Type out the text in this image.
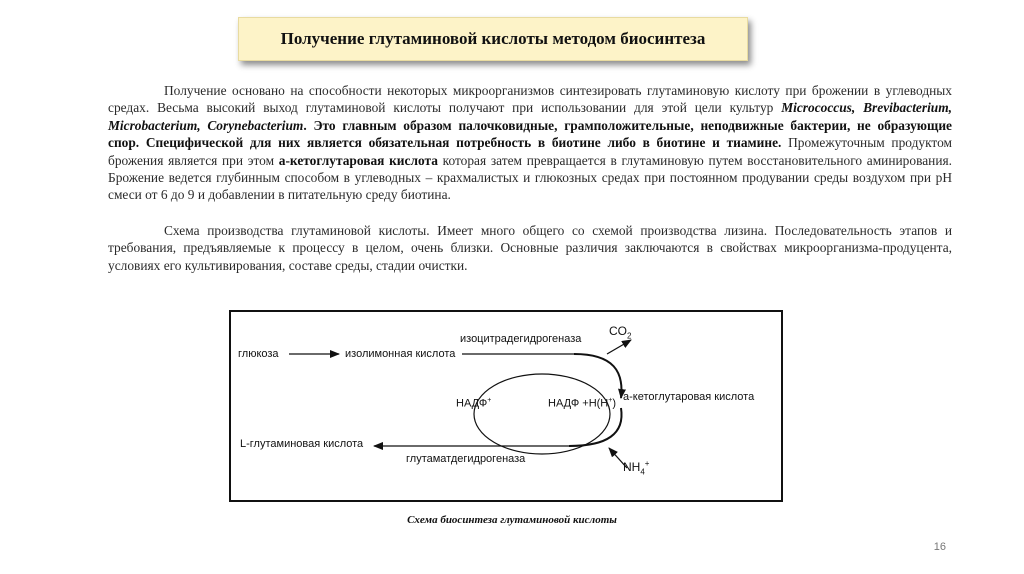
Получение глутаминовой кислоты методом биосинтеза
Получение основано на способности некоторых микроорганизмов синтезировать глутаминовую кислоту при брожении в углеводных средах. Весьма высокий выход глутаминовой кислоты получают при использовании для этой цели культур Micrococcus, Brevibacterium, Microbacterium, Corynebacterium. Это главным образом палочковидные, грамположительные, неподвижные бактерии, не образующие спор. Специфической для них является обязательная потребность в биотине либо в биотине и тиамине. Промежуточным продуктом брожения является при этом а-кетоглутаровая кислота которая затем превращается в глутаминовую путем восстановительного аминирования. Брожение ведется глубинным способом в углеводных – крахмалистых и глюкозных средах при постоянном продувании среды воздухом при pH смеси от 6 до 9 и добавлении в питательную среду биотина.
Схема производства глутаминовой кислоты. Имеет много общего со схемой производства лизина. Последовательность этапов и требования, предъявляемые к процессу в целом, очень близки. Основные различия заключаются в свойствах микроорганизма-продуцента, условиях его культивирования, составе среды, стадии очистки.
глюкоза	изолимонная кислота
изоцитрадегидрогеназа
$CO_2$
НАДФ+	НАДФ +Н(Н+)
а-кетоглутаровая кислота
L-глутаминовая кислота
глутаматдегидрогеназа
$NH_4^+$
Схема биосинтеза глутаминовой кислоты
16
